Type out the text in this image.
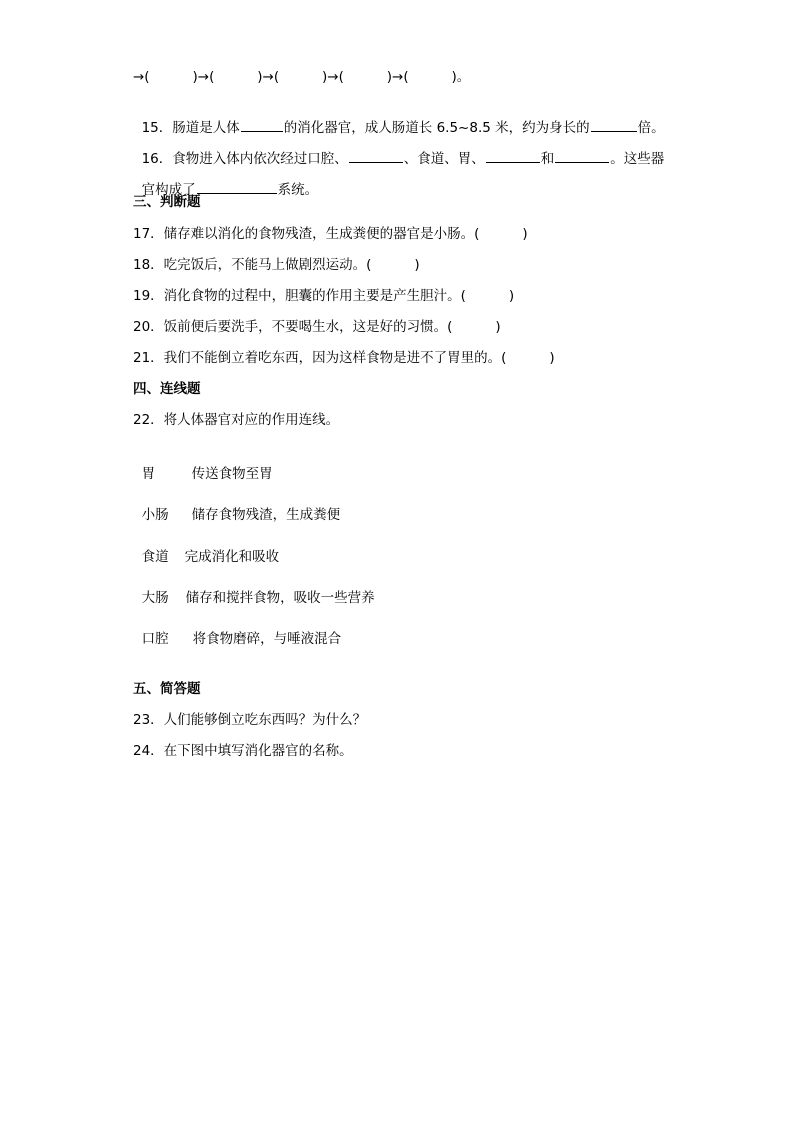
→(          )→(          )→(          )→(          )→(          )。

15．肠道是人体	的消化器官，成人肠道长 6.5~8.5 米，约为身长的	倍。

16．食物进入体内依次经过口腔、	、食道、胃、	和	。这些器

官构成了	系统。

三、判断题
17．储存难以消化的食物残渣，生成粪便的器官是小肠。(          )
18．吃完饭后，不能马上做剧烈运动。(          )
19．消化食物的过程中，胆囊的作用主要是产生胆汁。(          )
20．饭前便后要洗手，不要喝生水，这是好的习惯。(          )
21．我们不能倒立着吃东西，因为这样食物是进不了胃里的。(          )
四、连线题
22．将人体器官对应的作用连线。

胃	传送食物至胃

小肠 储存食物残渣，生成粪便

食道 完成消化和吸收

大肠 储存和搅拌食物，吸收一些营养

口腔 将食物磨碎，与唾液混合

五、简答题
23．人们能够倒立吃东西吗？为什么？
24．在下图中填写消化器官的名称。
